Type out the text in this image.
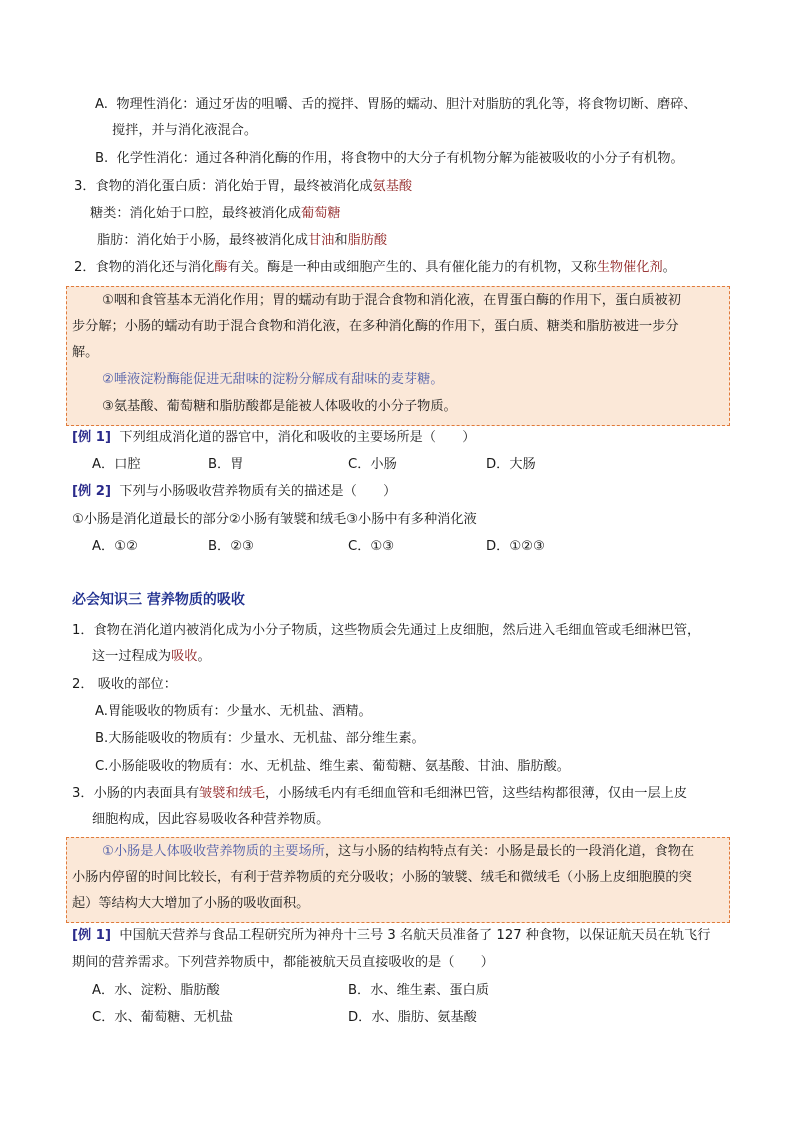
A. 物理性消化：通过牙齿的咀嚼、舌的搅拌、胃肠的蠕动、胆汁对脂肪的乳化等，将食物切断、磨碎、
搅拌，并与消化液混合。
B. 化学性消化：通过各种消化酶的作用，将食物中的大分子有机物分解为能被吸收的小分子有机物。
3．食物的消化蛋白质：消化始于胃，最终被消化成氨基酸
糖类：消化始于口腔，最终被消化成葡萄糖
脂肪：消化始于小肠，最终被消化成甘油和脂肪酸
2．食物的消化还与消化酶有关。酶是一种由或细胞产生的、具有催化能力的有机物，又称生物催化剂。
①咽和食管基本无消化作用；胃的蠕动有助于混合食物和消化液，在胃蛋白酶的作用下，蛋白质被初
步分解；小肠的蠕动有助于混合食物和消化液，在多种消化酶的作用下，蛋白质、糖类和脂肪被进一步分
解。
②唾液淀粉酶能促进无甜味的淀粉分解成有甜味的麦芽糖。
③氨基酸、葡萄糖和脂肪酸都是能被人体吸收的小分子物质。
[例 1] 下列组成消化道的器官中，消化和吸收的主要场所是（　　）
A．口腔	B．胃	C．小肠	D．大肠
[例 2] 下列与小肠吸收营养物质有关的描述是（　　）
①小肠是消化道最长的部分②小肠有皱襞和绒毛③小肠中有多种消化液
A．①②	B．②③	C．①③	D．①②③
必会知识三 营养物质的吸收
1．食物在消化道内被消化成为小分子物质，这些物质会先通过上皮细胞，然后进入毛细血管或毛细淋巴管，
这一过程成为吸收。
2． 吸收的部位：
A.胃能吸收的物质有：少量水、无机盐、酒精。
B.大肠能吸收的物质有：少量水、无机盐、部分维生素。
C.小肠能吸收的物质有：水、无机盐、维生素、葡萄糖、氨基酸、甘油、脂肪酸。
3．小肠的内表面具有皱襞和绒毛，小肠绒毛内有毛细血管和毛细淋巴管，这些结构都很薄，仅由一层上皮
细胞构成，因此容易吸收各种营养物质。
①小肠是人体吸收营养物质的主要场所，这与小肠的结构特点有关：小肠是最长的一段消化道，食物在
小肠内停留的时间比较长，有利于营养物质的充分吸收；小肠的皱襞、绒毛和微绒毛（小肠上皮细胞膜的突
起）等结构大大增加了小肠的吸收面积。
[例 1] 中国航天营养与食品工程研究所为神舟十三号 3 名航天员准备了 127 种食物，以保证航天员在轨飞行
期间的营养需求。下列营养物质中，都能被航天员直接吸收的是（　　）
A．水、淀粉、脂肪酸	B．水、维生素、蛋白质
C．水、葡萄糖、无机盐	D．水、脂肪、氨基酸
